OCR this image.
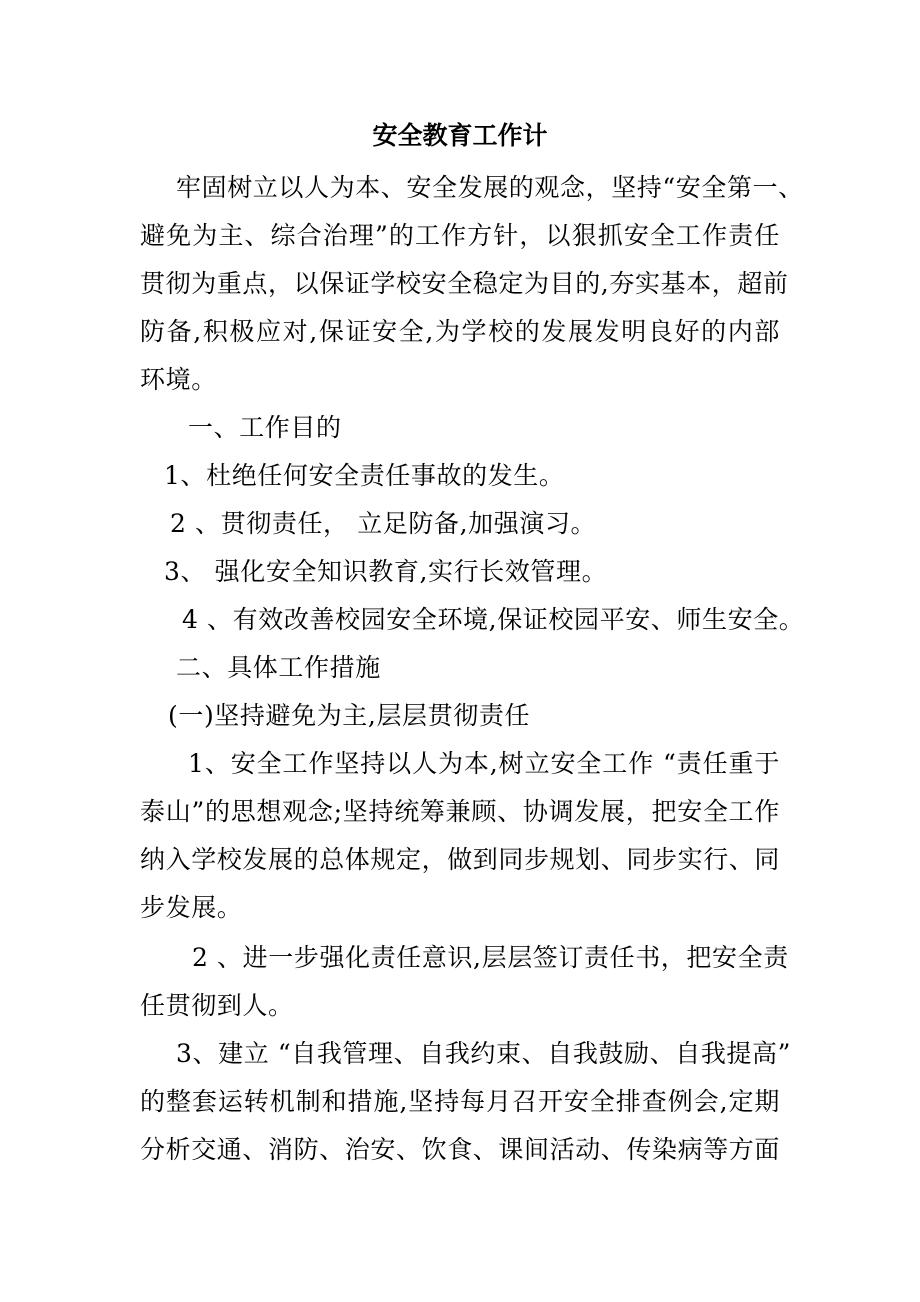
安全教育工作计
牢固树立以人为本、安全发展的观念，坚持“安全第一、
避免为主、综合治理”的工作方针，以狠抓安全工作责任
贯彻为重点，以保证学校安全稳定为目的,夯实基本，超前
防备,积极应对,保证安全,为学校的发展发明良好的内部
环境。
一、工作目的
1、杜绝任何安全责任事故的发生。
2 、贯彻责任， 立足防备,加强演习。
3、 强化安全知识教育,实行长效管理。
4 、有效改善校园安全环境,保证校园平安、师生安全。
二、具体工作措施
(一)坚持避免为主,层层贯彻责任
1、安全工作坚持以人为本,树立安全工作 “责任重于
泰山”的思想观念;坚持统筹兼顾、协调发展，把安全工作
纳入学校发展的总体规定，做到同步规划、同步实行、同
步发展。
2 、进一步强化责任意识,层层签订责任书，把安全责
任贯彻到人。
3、建立 “自我管理、自我约束、自我鼓励、自我提高”
的整套运转机制和措施,坚持每月召开安全排查例会,定期
分析交通、消防、治安、饮食、课间活动、传染病等方面
